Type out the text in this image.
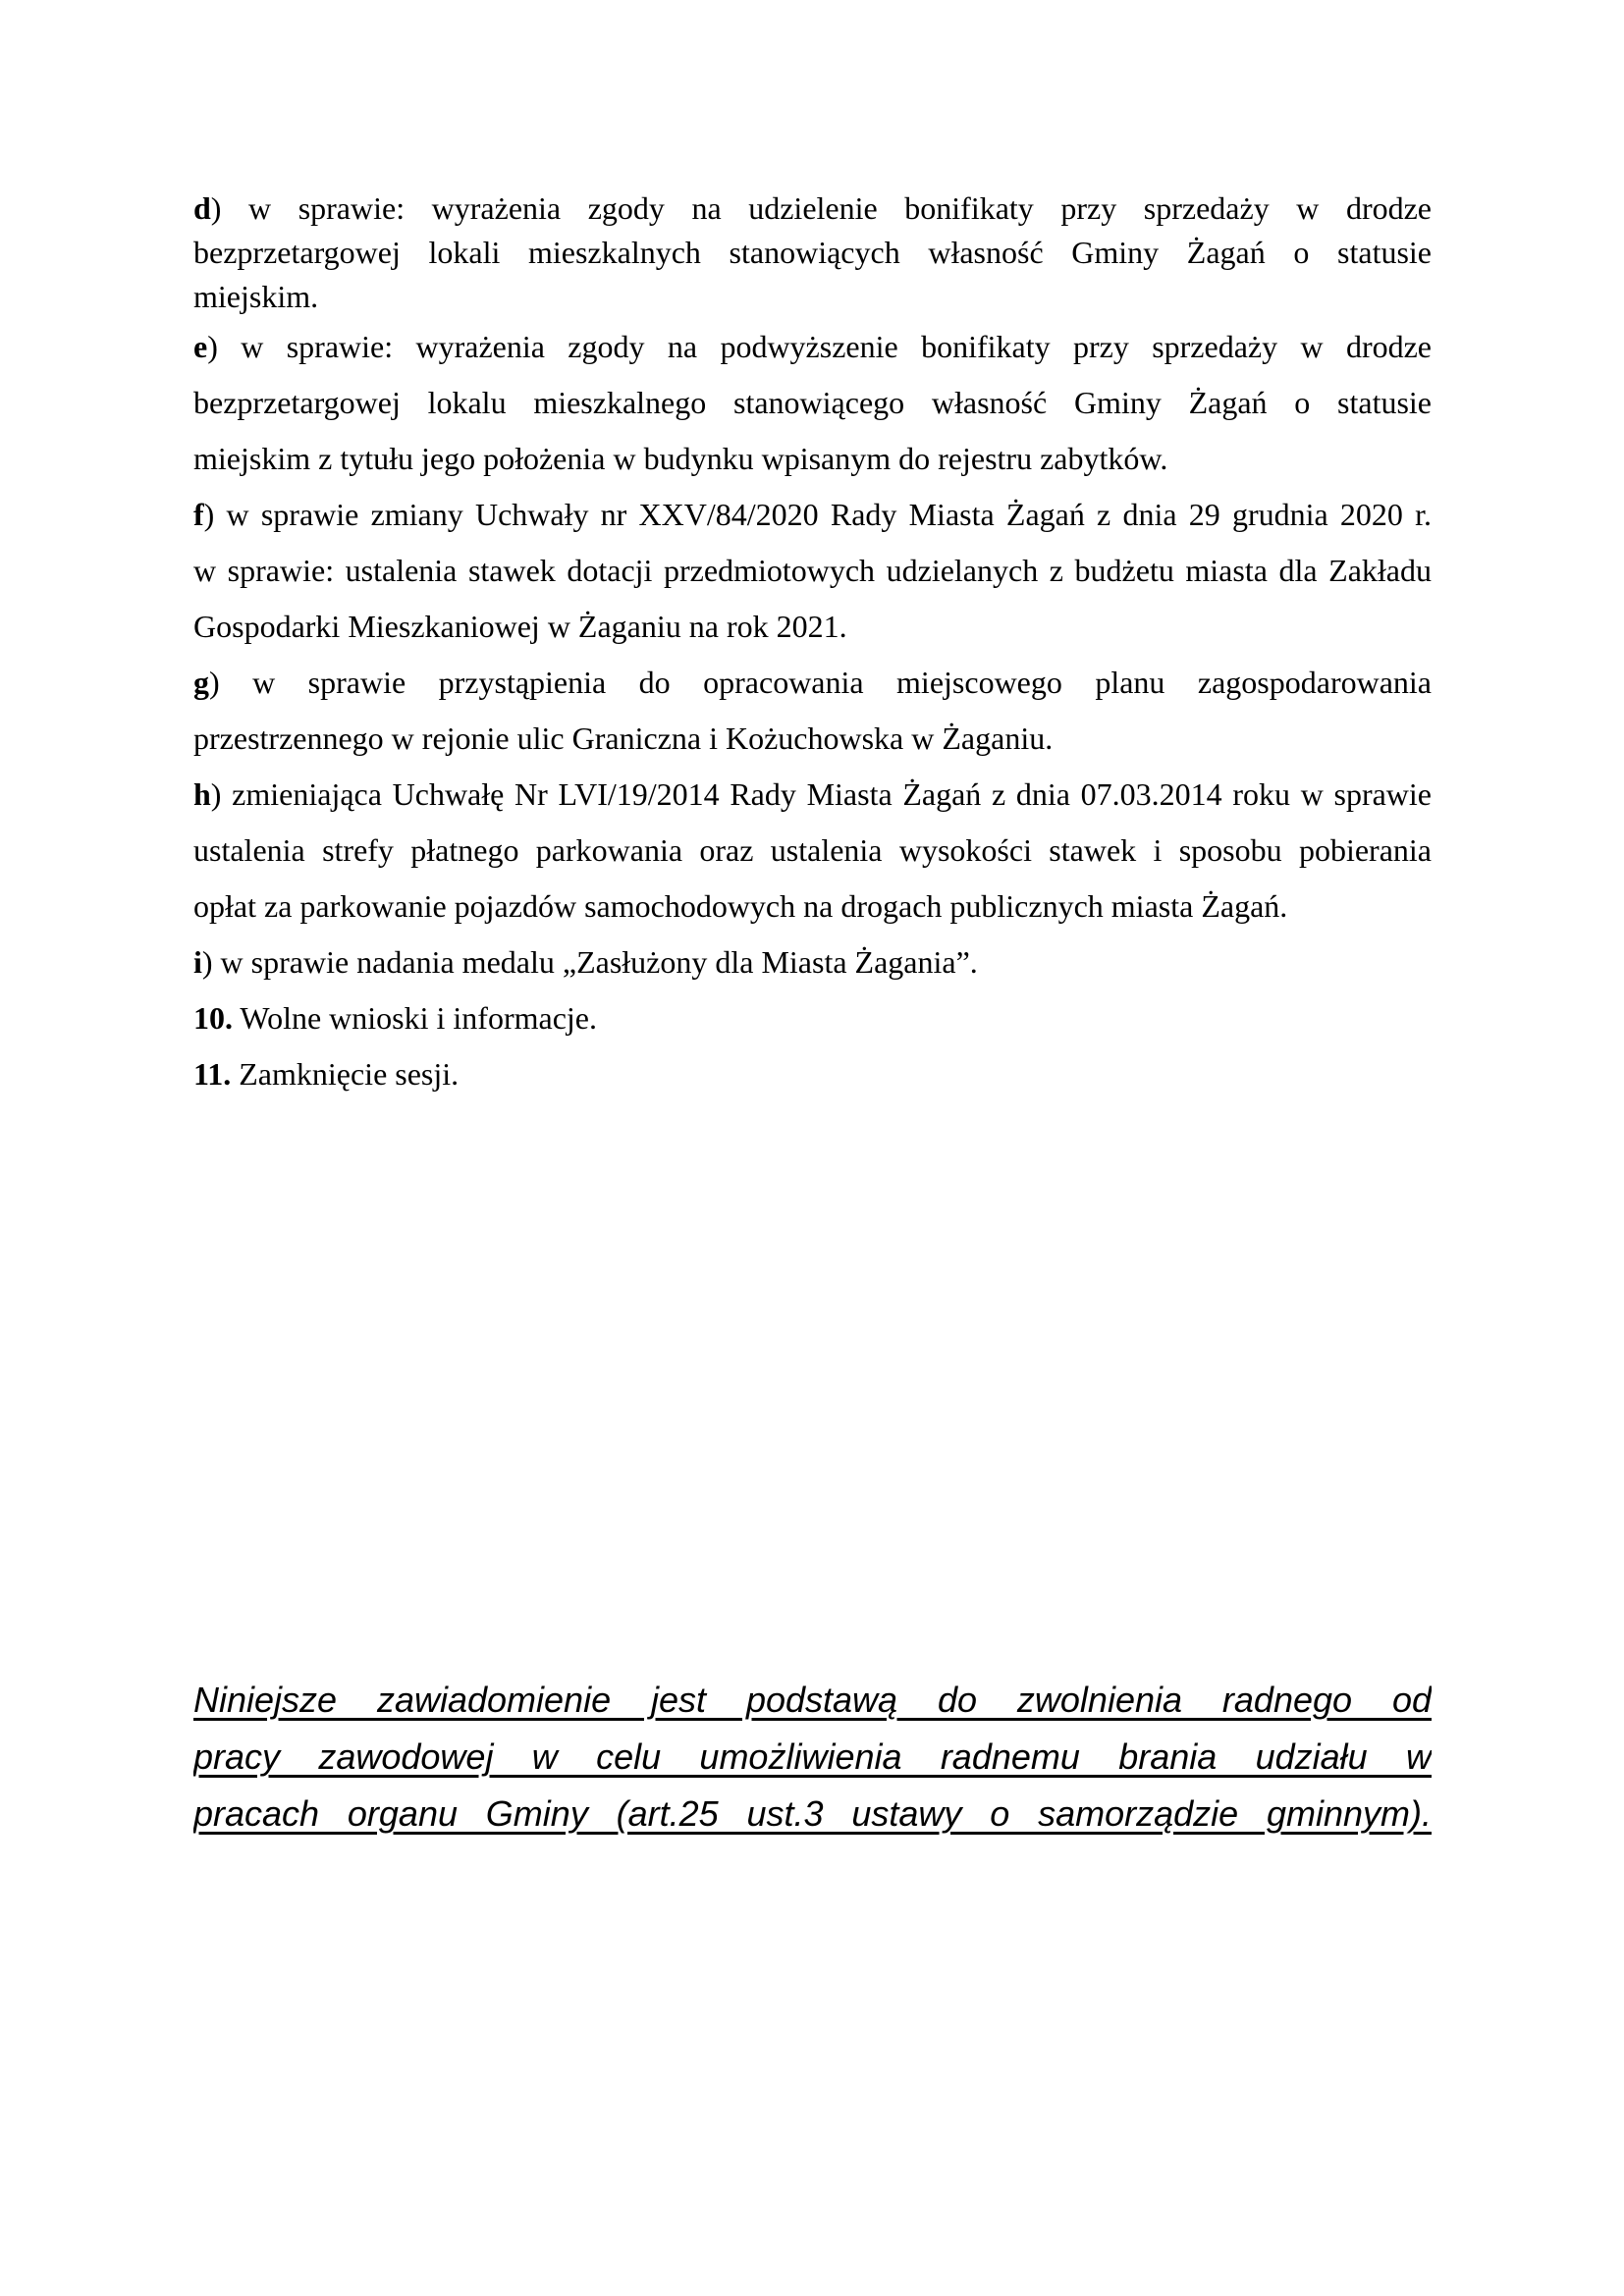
d) w sprawie: wyrażenia zgody na udzielenie bonifikaty przy sprzedaży w drodze
bezprzetargowej lokali mieszkalnych stanowiących własność Gminy Żagań o statusie
miejskim.
e) w sprawie: wyrażenia zgody na podwyższenie bonifikaty przy sprzedaży w drodze
bezprzetargowej lokalu mieszkalnego stanowiącego własność Gminy Żagań o statusie
miejskim z tytułu jego położenia w budynku wpisanym do rejestru zabytków.
f) w sprawie zmiany Uchwały nr XXV/84/2020 Rady Miasta Żagań z dnia 29 grudnia 2020 r.
w sprawie: ustalenia stawek dotacji przedmiotowych udzielanych z budżetu miasta dla Zakładu
Gospodarki Mieszkaniowej w Żaganiu na rok 2021.
g) w sprawie przystąpienia do opracowania miejscowego planu zagospodarowania
przestrzennego w rejonie ulic Graniczna i Kożuchowska w Żaganiu.
h) zmieniająca Uchwałę Nr LVI/19/2014 Rady Miasta Żagań z dnia 07.03.2014 roku w sprawie
ustalenia strefy płatnego parkowania oraz ustalenia wysokości stawek i sposobu pobierania
opłat za parkowanie pojazdów samochodowych na drogach publicznych miasta Żagań.
i) w sprawie nadania medalu „Zasłużony dla Miasta Żagania”.
10. Wolne wnioski i informacje.
11. Zamknięcie sesji.
Niniejsze zawiadomienie jest podstawą do zwolnienia radnego od
pracy zawodowej w celu umożliwienia radnemu brania udziału w
pracach organu Gminy (art.25 ust.3 ustawy o samorządzie gminnym).
